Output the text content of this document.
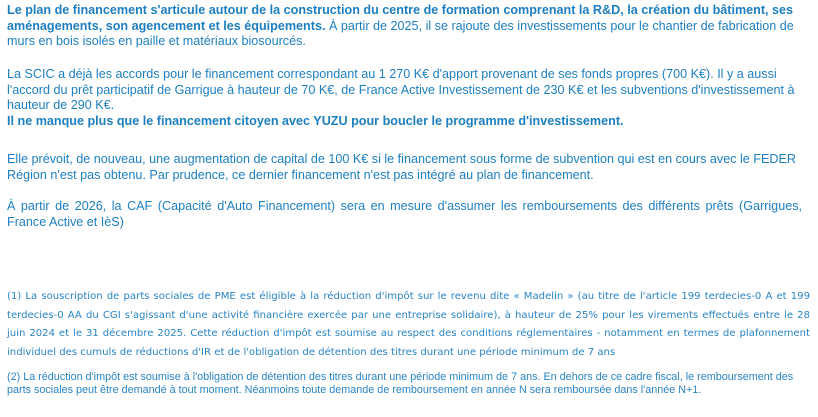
Le plan de financement s'articule autour de la construction du centre de formation comprenant la R&D, la création du bâtiment, ses aménagements, son agencement et les équipements. À partir de 2025, il se rajoute des investissements pour le chantier de fabrication de murs en bois isolés en paille et matériaux biosourcés.

La SCIC a déjà les accords pour le financement correspondant au 1 270 K€ d'apport provenant de ses fonds propres (700 K€). Il y a aussi l'accord du prêt participatif de Garrigue à hauteur de 70 K€, de France Active Investissement de 230 K€ et les subventions d'investissement à hauteur de 290 K€.
Il ne manque plus que le financement citoyen avec YUZU pour boucler le programme d'investissement.

Elle prévoit, de nouveau, une augmentation de capital de 100 K€ si le financement sous forme de subvention qui est en cours avec le FEDER Région n'est pas obtenu. Par prudence, ce dernier financement n'est pas intégré au plan de financement.

À partir de 2026, la CAF (Capacité d'Auto Financement) sera en mesure d'assumer les remboursements des différents prêts (Garrigues, France Active et IèS)

(1) La souscription de parts sociales de PME est éligible à la réduction d'impôt sur le revenu dite « Madelin » (au titre de l'article 199 terdecies-0 A et 199 terdecies-0 AA du CGI s'agissant d'une activité financière exercée par une entreprise solidaire), à hauteur de 25% pour les virements effectués entre le 28 juin 2024 et le 31 décembre 2025. Cette réduction d'impôt est soumise au respect des conditions réglementaires - notamment en termes de plafonnement individuel des cumuls de réductions d'IR et de l'obligation de détention des titres durant une période minimum de 7 ans

(2) La réduction d'impôt est soumise à l'obligation de détention des titres durant une période minimum de 7 ans. En dehors de ce cadre fiscal, le remboursement des parts sociales peut être demandé à tout moment. Néanmoins toute demande de remboursement en année N sera remboursée dans l'année N+1.
